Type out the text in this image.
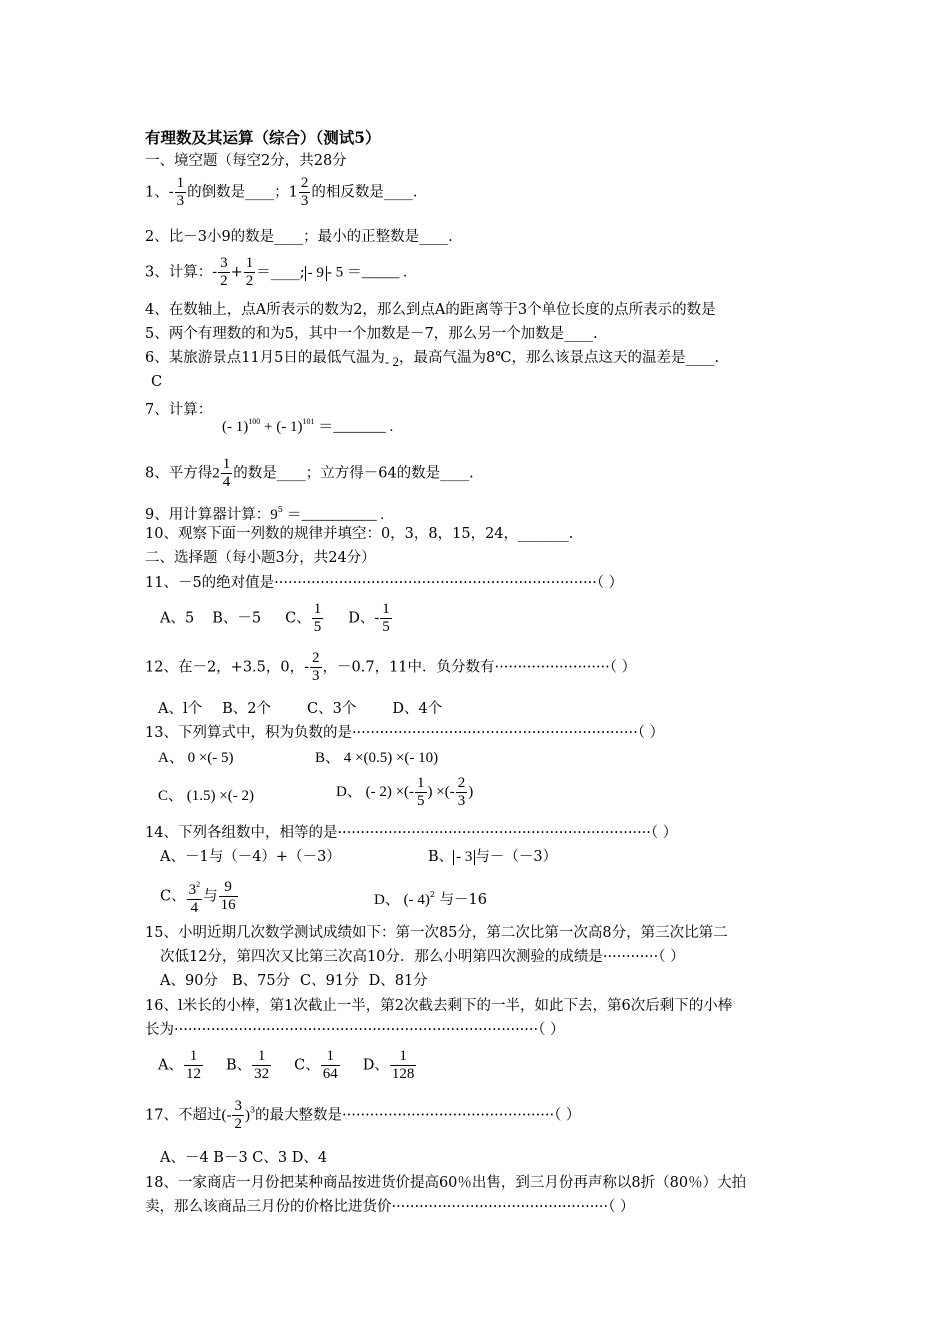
有理数及其运算（综合）（测试5）
一、境空题（每空2分，共28分
1、- $\frac{1}{3}$ 的倒数是____；$1 \frac{2}{3}$ 的相反数是____.
2、比－3小9的数是____；最小的正整数是____.
3、计算：- $\frac{3}{2} + \frac{1}{2}$ ＝____; - 9 - 5 ＝_____ .
4、在数轴上，点A所表示的数为2，那么到点A的距离等于3个单位长度的点所表示的数是
5、两个有理数的和为5，其中一个加数是－7，那么另一个加数是____.
6、某旅游景点11月5日的最低气温为- 2，最高气温为8℃，那么该景点这天的温差是____.
C
7、计算：
(- 1)$^{100}$ + (- 1)$^{101}$ ＝_______ .
8、平方得$2 \frac{1}{4}$ 的数是____；立方得－64的数是____.
9、用计算器计算：$9^5$ ＝__________ .
10、观察下面一列数的规律并填空：0，3，8，15，24，_______.
二、选择题（每小题3分，共24分）
11、－5的绝对值是······································································（ ）
A、5 B、－5 C、 $\frac{1}{5}$ D、- $\frac{1}{5}$
12、在－2，+3.5，0，- $\frac{2}{3}$ ，－0.7，11中．负分数有·························（ ）
A、l个 B、2个 C、3个 D、4个
13、下列算式中，积为负数的是······························································（ ）
A、 0 ×(- 5)	B、 4 ×(0.5) ×(- 10)
C、 (1.5) ×(- 2)	D、 (- 2) ×(- $\frac{1}{5}$ ) ×(- $\frac{2}{3}$ )
14、下列各组数中，相等的是····································································（ ）
A、－1与（－4）+（－3）	B、 - 3 与－（－3）
C、 $\frac{3^2}{4}$ 与 $\frac{9}{16}$	D、 (- 4)$^2$ 与－16
15、小明近期几次数学测试成绩如下：第一次85分，第二次比第一次高8分，第三次比第二
次低12分，第四次又比第三次高10分．那么小明第四次测验的成绩是············（ ）
A、90分 B、75分 C、91分 D、81分
16、l米长的小棒，第1次截止一半，第2次截去剩下的一半，如此下去，第6次后剩下的小棒
长为···············································································（ ）
A、 $\frac{1}{12}$ B、 $\frac{1}{32}$ C、 $\frac{1}{64}$ D、 $\frac{1}{128}$
17、不超过(- $\frac{3}{2} )^3$的最大整数是··············································（ ）
A、－4 B－3 C、3 D、4
18、一家商店一月份把某种商品按进货价提高60％出售，到三月份再声称以8折（80％）大拍
卖，那么该商品三月份的价格比进货价···············································（ ）
